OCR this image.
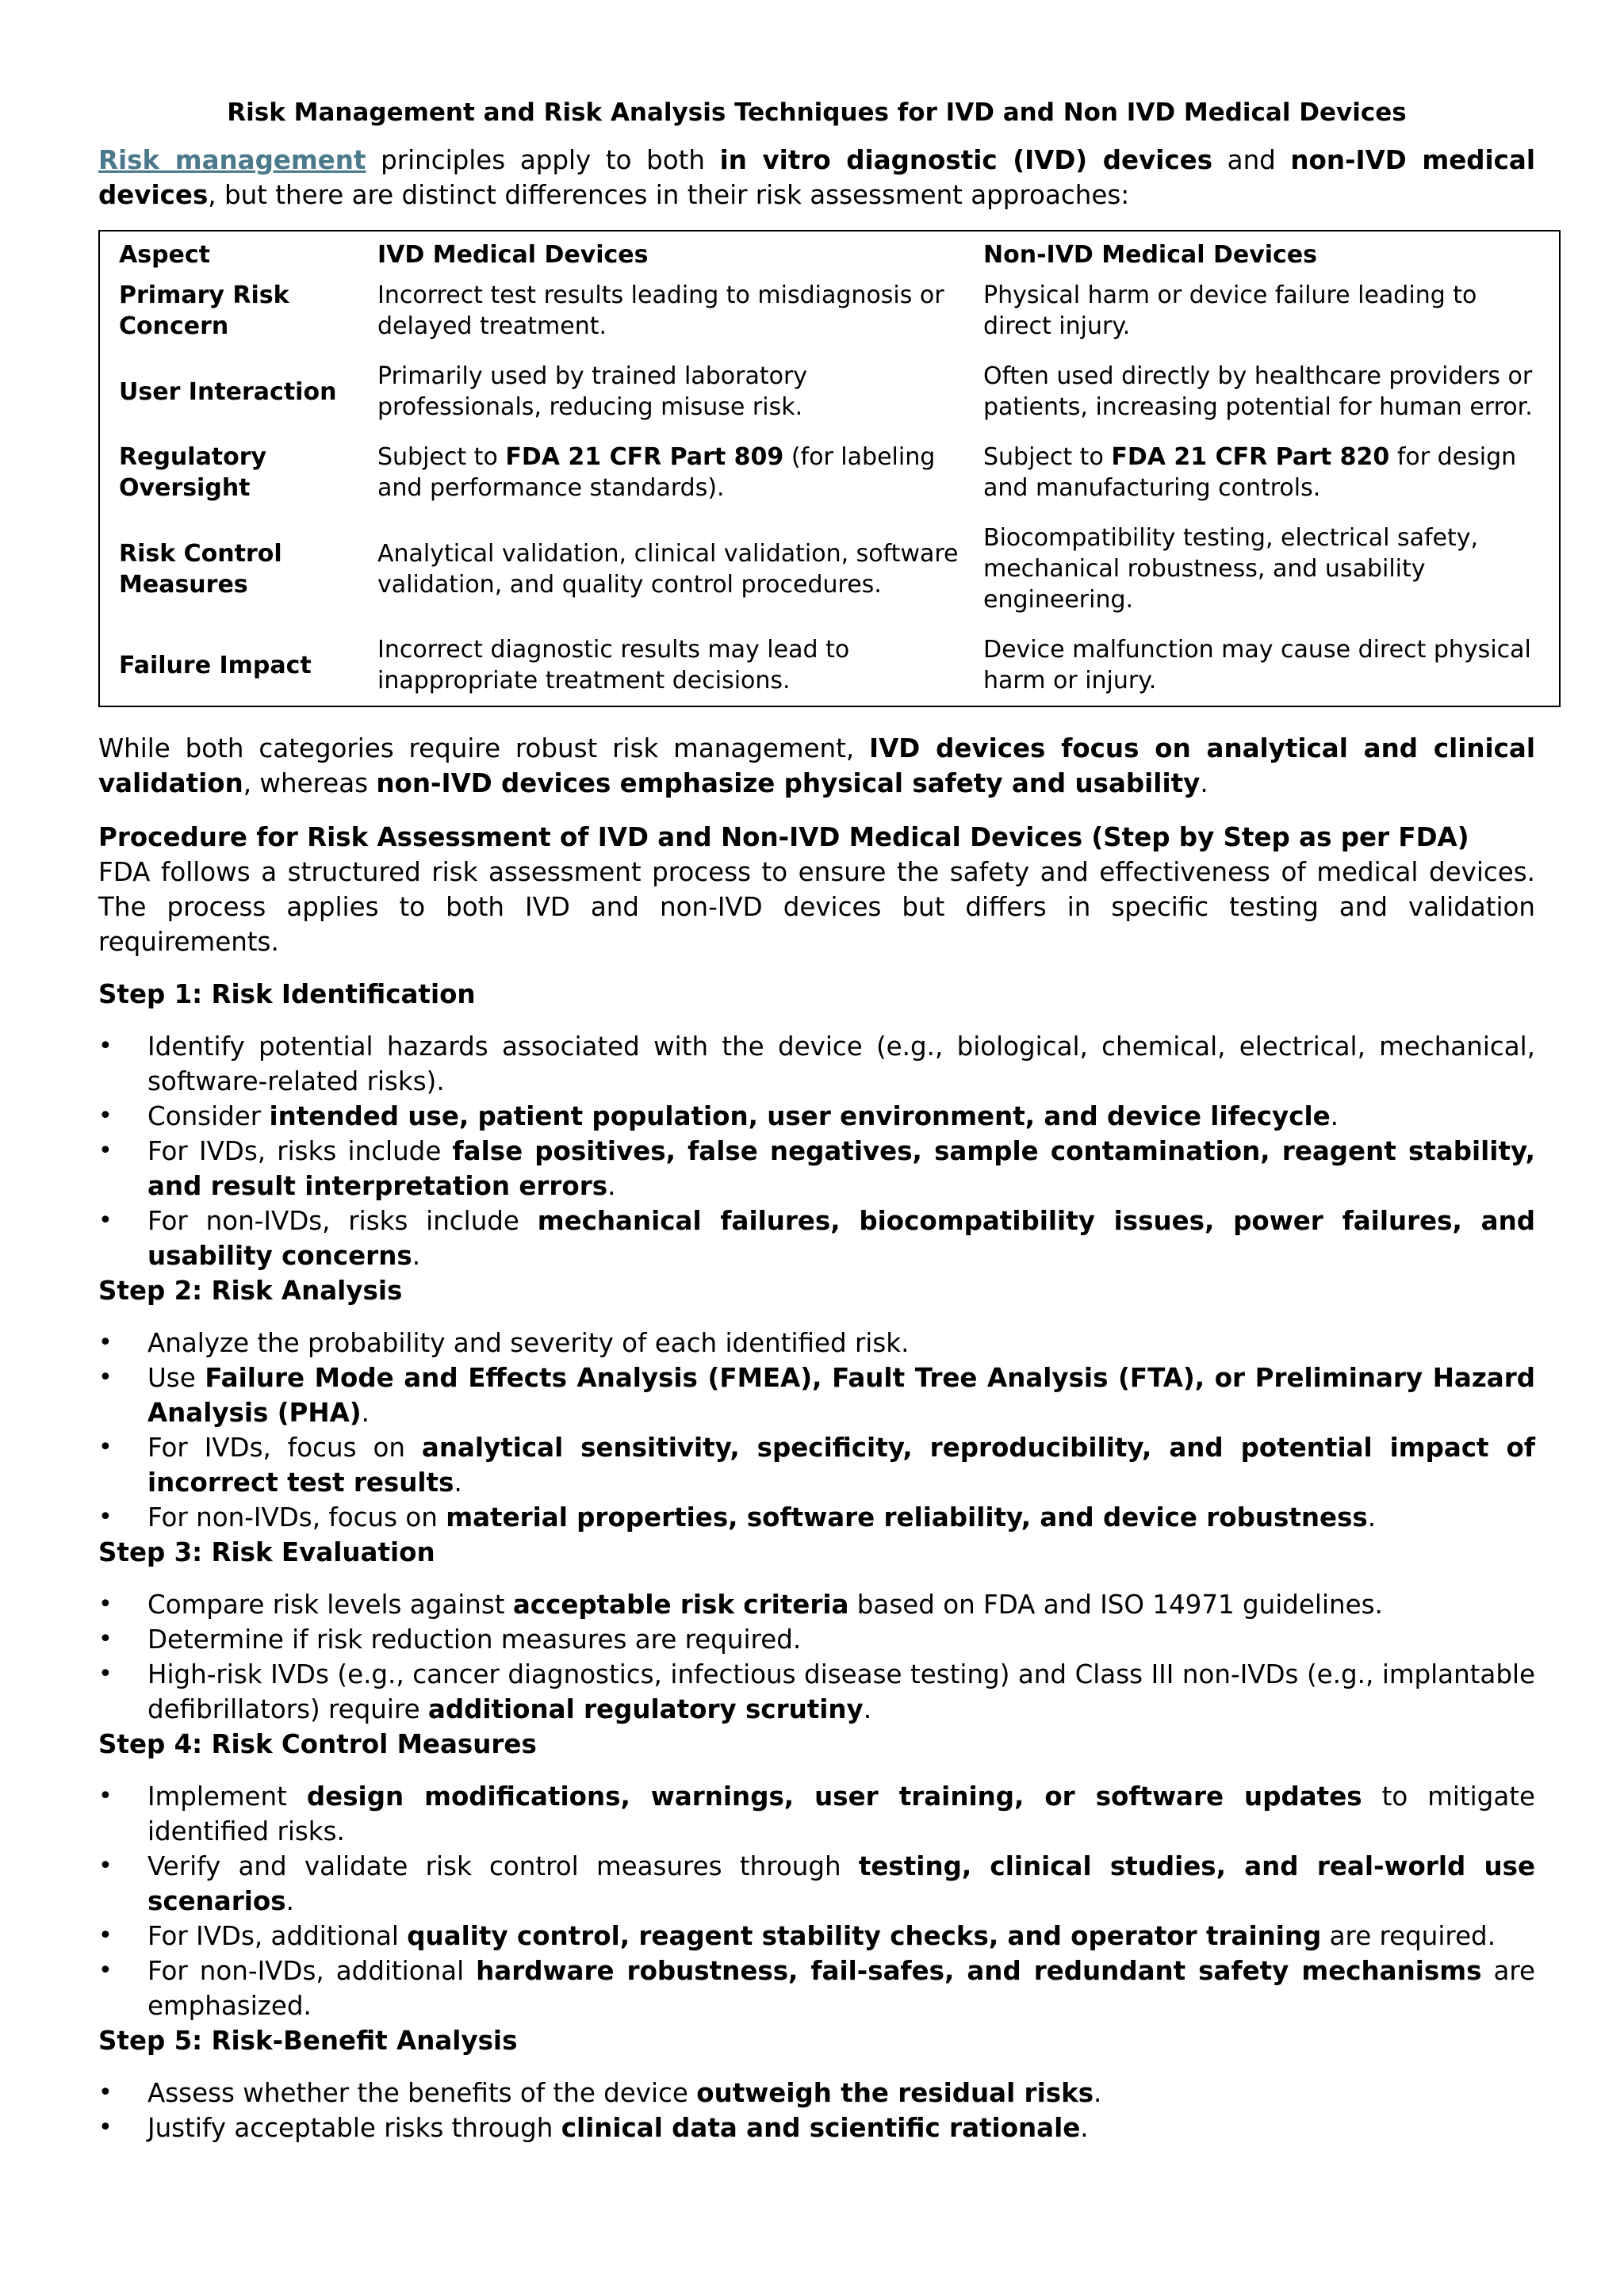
Risk Management and Risk Analysis Techniques for IVD and Non IVD Medical Devices

Risk management principles apply to both in vitro diagnostic (IVD) devices and non-IVD medical devices, but there are distinct differences in their risk assessment approaches:

Aspect	IVD Medical Devices	Non-IVD Medical Devices
Primary Risk Concern	Incorrect test results leading to misdiagnosis or delayed treatment.	Physical harm or device failure leading to direct injury.
User Interaction	Primarily used by trained laboratory professionals, reducing misuse risk.	Often used directly by healthcare providers or patients, increasing potential for human error.
Regulatory Oversight	Subject to FDA 21 CFR Part 809 (for labeling and performance standards).	Subject to FDA 21 CFR Part 820 for design and manufacturing controls.
Risk Control Measures	Analytical validation, clinical validation, software validation, and quality control procedures.	Biocompatibility testing, electrical safety, mechanical robustness, and usability engineering.
Failure Impact	Incorrect diagnostic results may lead to inappropriate treatment decisions.	Device malfunction may cause direct physical harm or injury.

While both categories require robust risk management, IVD devices focus on analytical and clinical validation, whereas non-IVD devices emphasize physical safety and usability.

Procedure for Risk Assessment of IVD and Non-IVD Medical Devices (Step by Step as per FDA)

FDA follows a structured risk assessment process to ensure the safety and effectiveness of medical devices. The process applies to both IVD and non-IVD devices but differs in specific testing and validation requirements.

Step 1: Risk Identification

• Identify potential hazards associated with the device (e.g., biological, chemical, electrical, mechanical, software-related risks).
• Consider intended use, patient population, user environment, and device lifecycle.
• For IVDs, risks include false positives, false negatives, sample contamination, reagent stability, and result interpretation errors.
• For non-IVDs, risks include mechanical failures, biocompatibility issues, power failures, and usability concerns.

Step 2: Risk Analysis

• Analyze the probability and severity of each identified risk.
• Use Failure Mode and Effects Analysis (FMEA), Fault Tree Analysis (FTA), or Preliminary Hazard Analysis (PHA).
• For IVDs, focus on analytical sensitivity, specificity, reproducibility, and potential impact of incorrect test results.
• For non-IVDs, focus on material properties, software reliability, and device robustness.

Step 3: Risk Evaluation

• Compare risk levels against acceptable risk criteria based on FDA and ISO 14971 guidelines.
• Determine if risk reduction measures are required.
• High-risk IVDs (e.g., cancer diagnostics, infectious disease testing) and Class III non-IVDs (e.g., implantable defibrillators) require additional regulatory scrutiny.

Step 4: Risk Control Measures

• Implement design modifications, warnings, user training, or software updates to mitigate identified risks.
• Verify and validate risk control measures through testing, clinical studies, and real-world use scenarios.
• For IVDs, additional quality control, reagent stability checks, and operator training are required.
• For non-IVDs, additional hardware robustness, fail-safes, and redundant safety mechanisms are emphasized.

Step 5: Risk-Benefit Analysis

• Assess whether the benefits of the device outweigh the residual risks.
• Justify acceptable risks through clinical data and scientific rationale.
